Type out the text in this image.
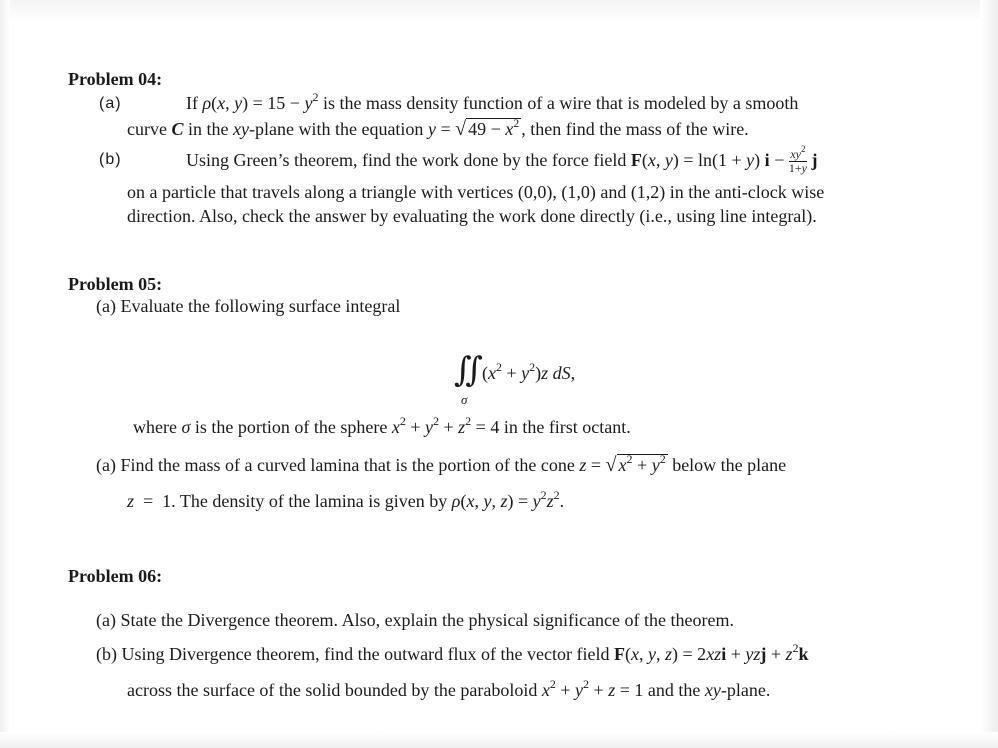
Problem 04:
(a)	If ρ(x, $y) = 15 - y^2$ is the mass density function of a wire that is modeled by a smooth
curve C in the xy-plane with the equation y = √ $49 - x^2$ , then find the mass of the wire.
(b)	Using Green’s theorem, find the work done by the force field F(x, y) = ln(1 + y) $i - \frac{xy^2}{1+y}$ j
on a particle that travels along a triangle with vertices (0,0), (1,0) and (1,2) in the anti-clock wise
direction. Also, check the answer by evaluating the work done directly (i.e., using line integral).
Problem 05:
(a) Evaluate the following surface integral
∬ $(x^2 + y^2)z$ dS,
σ
where σ is the portion of the sphere $x^2 + y^2 + z^2 = 4$ in the first octant.
(a) Find the mass of a curved lamina that is the portion of the cone z = √ $x^2 + y^2$ below the plane
z  =  1. The density of the lamina is given by ρ(x, y, $z) = y^2z^2$.
Problem 06:
(a) State the Divergence theorem. Also, explain the physical significance of the theorem.
(b) Using Divergence theorem, find the outward flux of the vector field F(x, y, z) = 2xzi + yzj + $z^2k$
across the surface of the solid bounded by the paraboloid $x^2 + y^2 + z = 1$ and the xy-plane.
